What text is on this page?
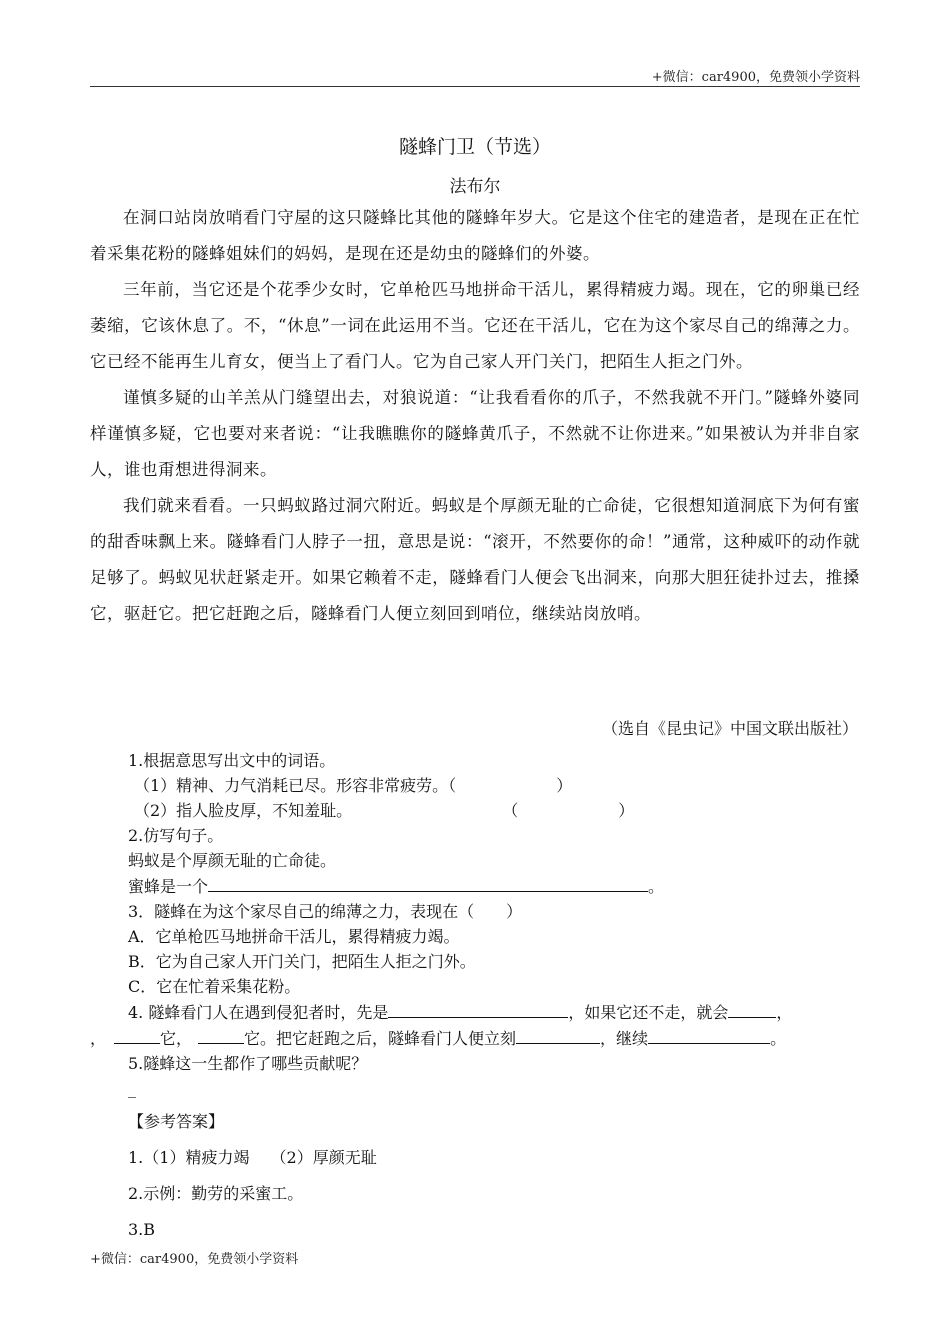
+微信：car4900，免费领小学资料
隧蜂门卫（节选）
法布尔

在洞口站岗放哨看门守屋的这只隧蜂比其他的隧蜂年岁大。它是这个住宅的建造者，是现在正在忙着采集花粉的隧蜂姐妹们的妈妈，是现在还是幼虫的隧蜂们的外婆。

三年前，当它还是个花季少女时，它单枪匹马地拼命干活儿，累得精疲力竭。现在，它的卵巢已经萎缩，它该休息了。不，“休息”一词在此运用不当。它还在干活儿，它在为这个家尽自己的绵薄之力。它已经不能再生儿育女，便当上了看门人。它为自己家人开门关门，把陌生人拒之门外。

谨慎多疑的山羊羔从门缝望出去，对狼说道：“让我看看你的爪子，不然我就不开门。”隧蜂外婆同样谨慎多疑，它也要对来者说：“让我瞧瞧你的隧蜂黄爪子，不然就不让你进来。”如果被认为并非自家人，谁也甭想进得洞来。

我们就来看看。一只蚂蚁路过洞穴附近。蚂蚁是个厚颜无耻的亡命徒，它很想知道洞底下为何有蜜的甜香味飘上来。隧蜂看门人脖子一扭，意思是说：“滚开，不然要你的命！”通常，这种威吓的动作就足够了。蚂蚁见状赶紧走开。如果它赖着不走，隧蜂看门人便会飞出洞来，向那大胆狂徒扑过去，推搡它，驱赶它。把它赶跑之后，隧蜂看门人便立刻回到哨位，继续站岗放哨。

（选自《昆虫记》中国文联出版社）
1.根据意思写出文中的词语。
（1）精神、力气消耗已尽。形容非常疲劳。（	）
（2）指人脸皮厚，不知羞耻。	（	）
2.仿写句子。
蚂蚁是个厚颜无耻的亡命徒。
蜜蜂是一个	。
3．隧蜂在为这个家尽自己的绵薄之力，表现在（　　）
A．它单枪匹马地拼命干活儿，累得精疲力竭。
B．它为自己家人开门关门，把陌生人拒之门外。
C．它在忙着采集花粉。
4. 隧蜂看门人在遇到侵犯者时，先是	，如果它还不走，就会	，
，	它，	它。把它赶跑之后，隧蜂看门人便立刻	，继续	。
5.隧蜂这一生都作了哪些贡献呢？
_
【参考答案】
1.（1）精疲力竭　 （2）厚颜无耻
2.示例：勤劳的采蜜工。
3.B
+微信：car4900，免费领小学资料
